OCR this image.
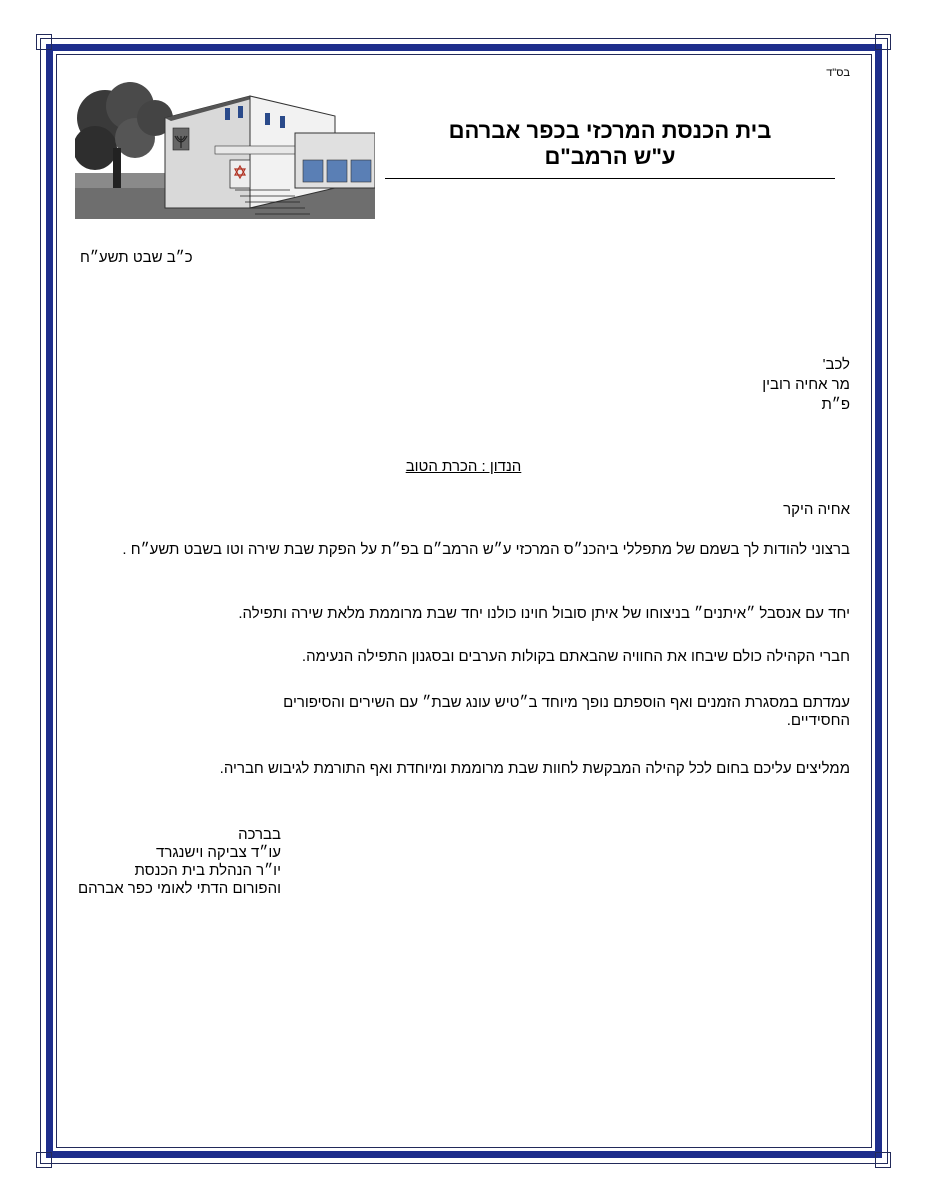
בס"ד
בית הכנסת המרכזי בכפר אברהם
ע"ש הרמב"ם
כ״ב שבט תשע״ח
לכב'
מר אחיה רובין
פ״ת
הנדון : הכרת הטוב
אחיה היקר
ברצוני להודות לך בשמם של מתפללי ביהכנ״ס המרכזי ע״ש הרמב״ם בפ״ת על הפקת שבת שירה וטו בשבט תשע״ח .
יחד עם אנסבל ״איתנים״ בניצוחו של איתן סובול חוינו כולנו יחד שבת מרוממת מלאת שירה ותפילה.
חברי הקהילה כולם שיבחו את החוויה שהבאתם בקולות הערבים ובסגנון התפילה הנעימה.
עמדתם במסגרת הזמנים ואף הוספתם נופך מיוחד ב״טיש עונג שבת״ עם השירים והסיפורים החסידיים.
ממליצים עליכם בחום לכל קהילה המבקשת לחוות שבת מרוממת ומיוחדת ואף התורמת לגיבוש חבריה.
בברכה
עו״ד צביקה וישנגרד
יו״ר הנהלת בית הכנסת
והפורום הדתי לאומי כפר אברהם
